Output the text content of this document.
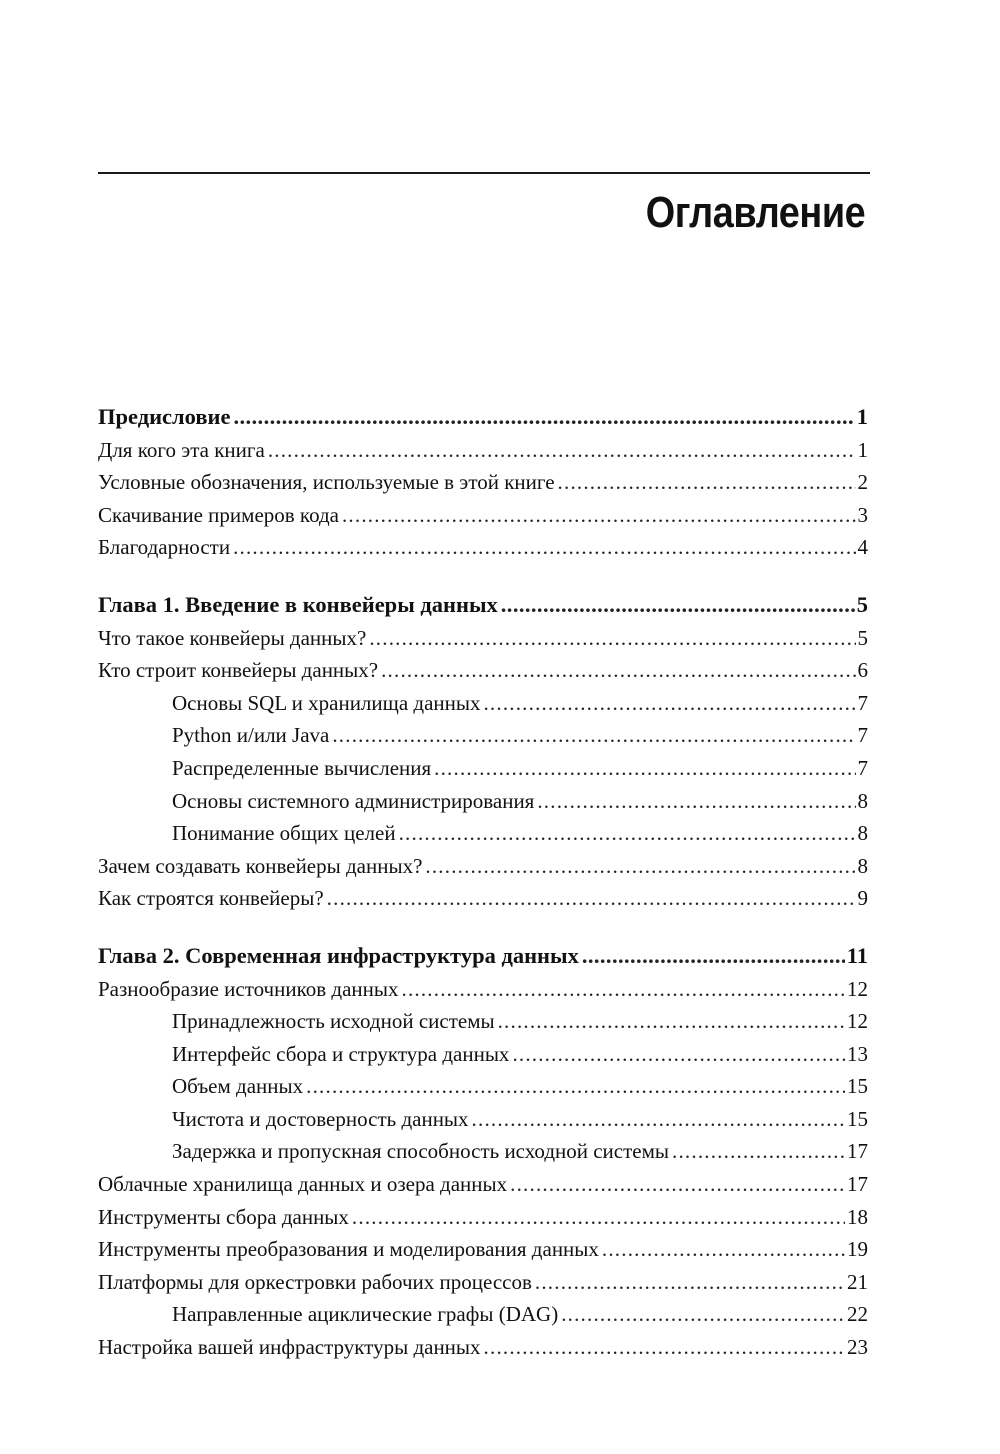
Оглавление
Предисловие .....	1
Для кого эта книга .....	1
Условные обозначения, используемые в этой книге .....	2
Скачивание примеров кода .....	3
Благодарности .....	4
Глава 1. Введение в конвейеры данных .....	5
Что такое конвейеры данных? .....	5
Кто строит конвейеры данных? .....	6
Основы SQL и хранилища данных .....	7
Python и/или Java .....	7
Распределенные вычисления .....	7
Основы системного администрирования .....	8
Понимание общих целей .....	8
Зачем создавать конвейеры данных? .....	8
Как строятся конвейеры? .....	9
Глава 2. Современная инфраструктура данных .....	11
Разнообразие источников данных .....	12
Принадлежность исходной системы .....	12
Интерфейс сбора и структура данных .....	13
Объем данных .....	15
Чистота и достоверность данных .....	15
Задержка и пропускная способность исходной системы .....	17
Облачные хранилища данных и озера данных .....	17
Инструменты сбора данных .....	18
Инструменты преобразования и моделирования данных .....	19
Платформы для оркестровки рабочих процессов .....	21
Направленные ациклические графы (DAG) .....	22
Настройка вашей инфраструктуры данных .....	23
